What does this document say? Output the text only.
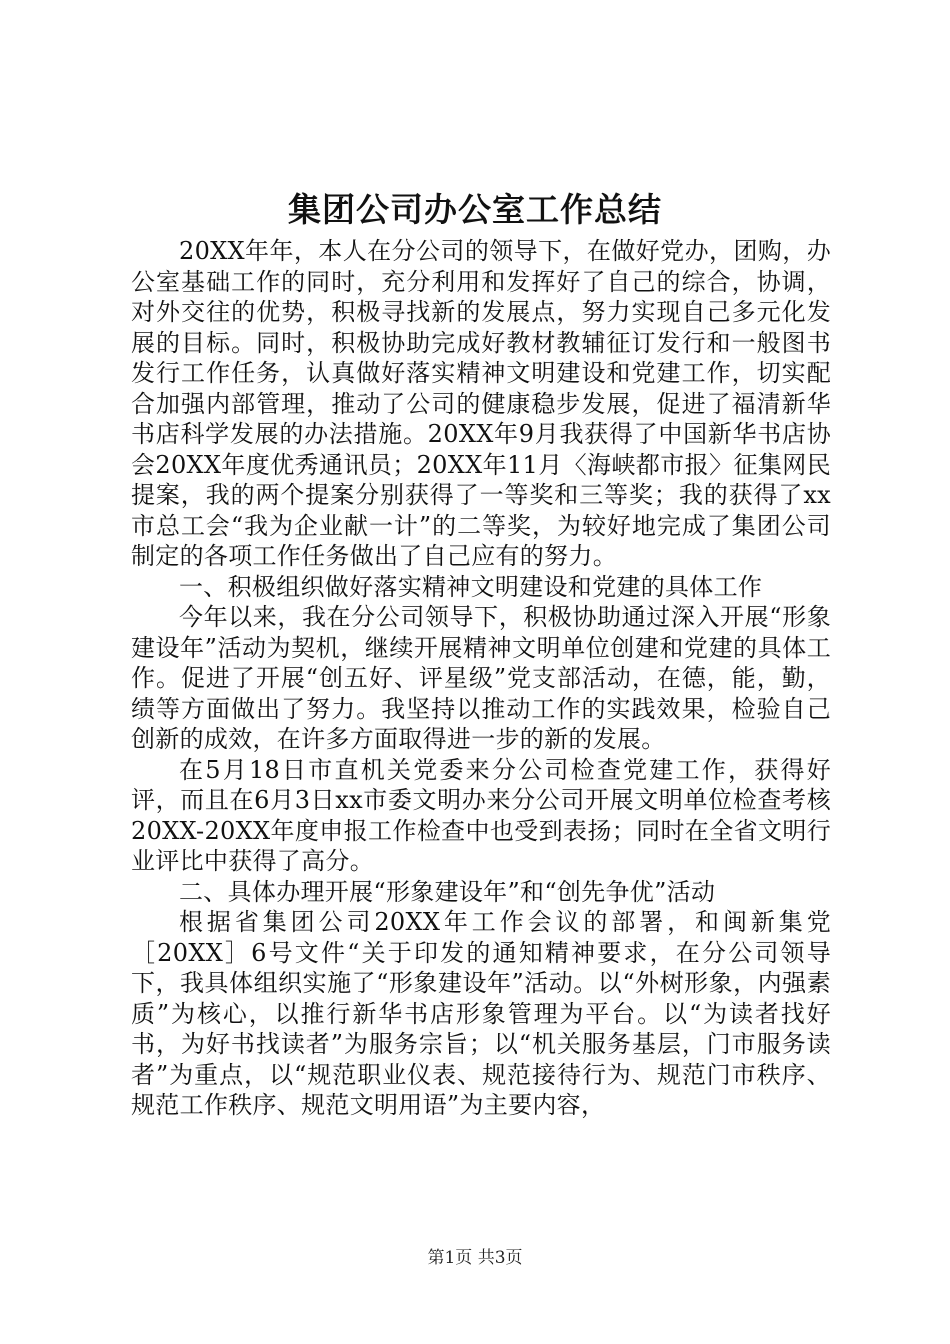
集团公司办公室工作总结

20XX年年，本人在分公司的领导下，在做好党办，团购，办公室基础工作的同时，充分利用和发挥好了自己的综合，协调，对外交往的优势，积极寻找新的发展点，努力实现自己多元化发展的目标。同时，积极协助完成好教材教辅征订发行和一般图书发行工作任务，认真做好落实精神文明建设和党建工作，切实配合加强内部管理，推动了公司的健康稳步发展，促进了福清新华书店科学发展的办法措施。20XX年9月我获得了中国新华书店协会20XX年度优秀通讯员；20XX年11月〈海峡都市报〉征集网民提案，我的两个提案分别获得了一等奖和三等奖；我的获得了xx市总工会“我为企业献一计”的二等奖，为较好地完成了集团公司制定的各项工作任务做出了自己应有的努力。

一、积极组织做好落实精神文明建设和党建的具体工作

今年以来，我在分公司领导下，积极协助通过深入开展“形象建设年”活动为契机，继续开展精神文明单位创建和党建的具体工作。促进了开展“创五好、评星级”党支部活动，在德，能，勤，绩等方面做出了努力。我坚持以推动工作的实践效果，检验自己创新的成效，在许多方面取得进一步的新的发展。

在5月18日市直机关党委来分公司检查党建工作，获得好评，而且在6月3日xx市委文明办来分公司开展文明单位检查考核20XX-20XX年度申报工作检查中也受到表扬；同时在全省文明行业评比中获得了高分。

二、具体办理开展“形象建设年”和“创先争优”活动

根据省集团公司20XX年工作会议的部署，和闽新集党［20XX］6号文件“关于印发的通知精神要求，在分公司领导下，我具体组织实施了“形象建设年”活动。以“外树形象，内强素质”为核心，以推行新华书店形象管理为平台。以“为读者找好书，为好书找读者”为服务宗旨；以“机关服务基层，门市服务读者”为重点，以“规范职业仪表、规范接待行为、规范门市秩序、规范工作秩序、规范文明用语”为主要内容，

第1页 共3页
